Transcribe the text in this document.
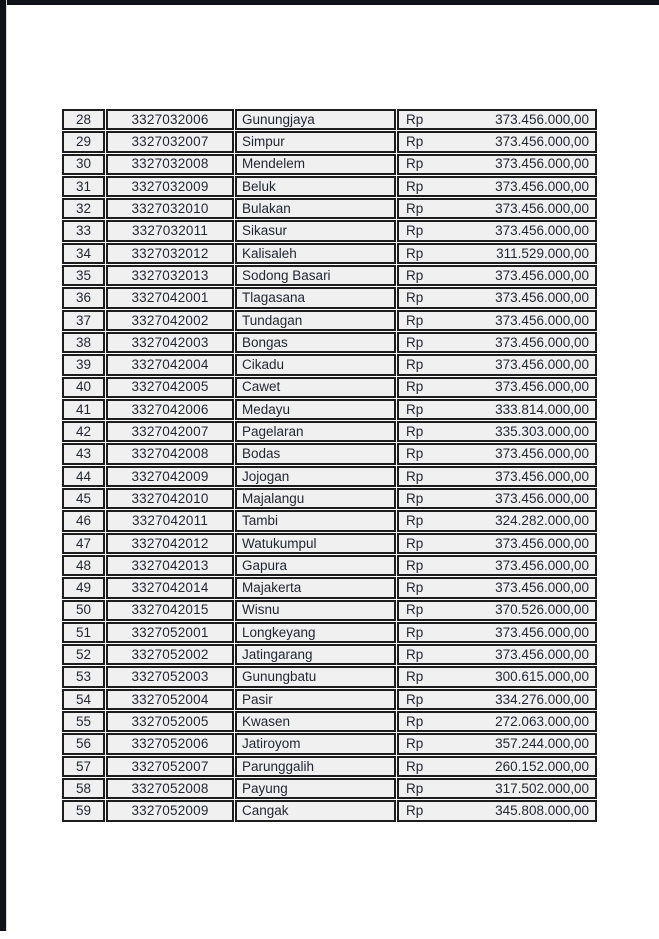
28	3327032006	Gunungjaya	Rp 373.456.000,00

29	3327032007	Simpur	Rp 373.456.000,00

30	3327032008	Mendelem	Rp 373.456.000,00

31	3327032009	Beluk	Rp 373.456.000,00

32	3327032010	Bulakan	Rp 373.456.000,00

33	3327032011	Sikasur	Rp 373.456.000,00

34	3327032012	Kalisaleh	Rp 311.529.000,00

35	3327032013	Sodong Basari	Rp 373.456.000,00

36	3327042001	Tlagasana	Rp 373.456.000,00

37	3327042002	Tundagan	Rp 373.456.000,00

38	3327042003	Bongas	Rp 373.456.000,00

39	3327042004	Cikadu	Rp 373.456.000,00

40	3327042005	Cawet	Rp 373.456.000,00

41	3327042006	Medayu	Rp 333.814.000,00

42	3327042007	Pagelaran	Rp 335.303.000,00

43	3327042008	Bodas	Rp 373.456.000,00

44	3327042009	Jojogan	Rp 373.456.000,00

45	3327042010	Majalangu	Rp 373.456.000,00

46	3327042011	Tambi	Rp 324.282.000,00

47	3327042012	Watukumpul	Rp 373.456.000,00

48	3327042013	Gapura	Rp 373.456.000,00

49	3327042014	Majakerta	Rp 373.456.000,00

50	3327042015	Wisnu	Rp 370.526.000,00

51	3327052001	Longkeyang	Rp 373.456.000,00

52	3327052002	Jatingarang	Rp 373.456.000,00

53	3327052003	Gunungbatu	Rp 300.615.000,00

54	3327052004	Pasir	Rp 334.276.000,00

55	3327052005	Kwasen	Rp 272.063.000,00

56	3327052006	Jatiroyom	Rp 357.244.000,00

57	3327052007	Parunggalih	Rp 260.152.000,00

58	3327052008	Payung	Rp 317.502.000,00

59	3327052009	Cangak	Rp 345.808.000,00
